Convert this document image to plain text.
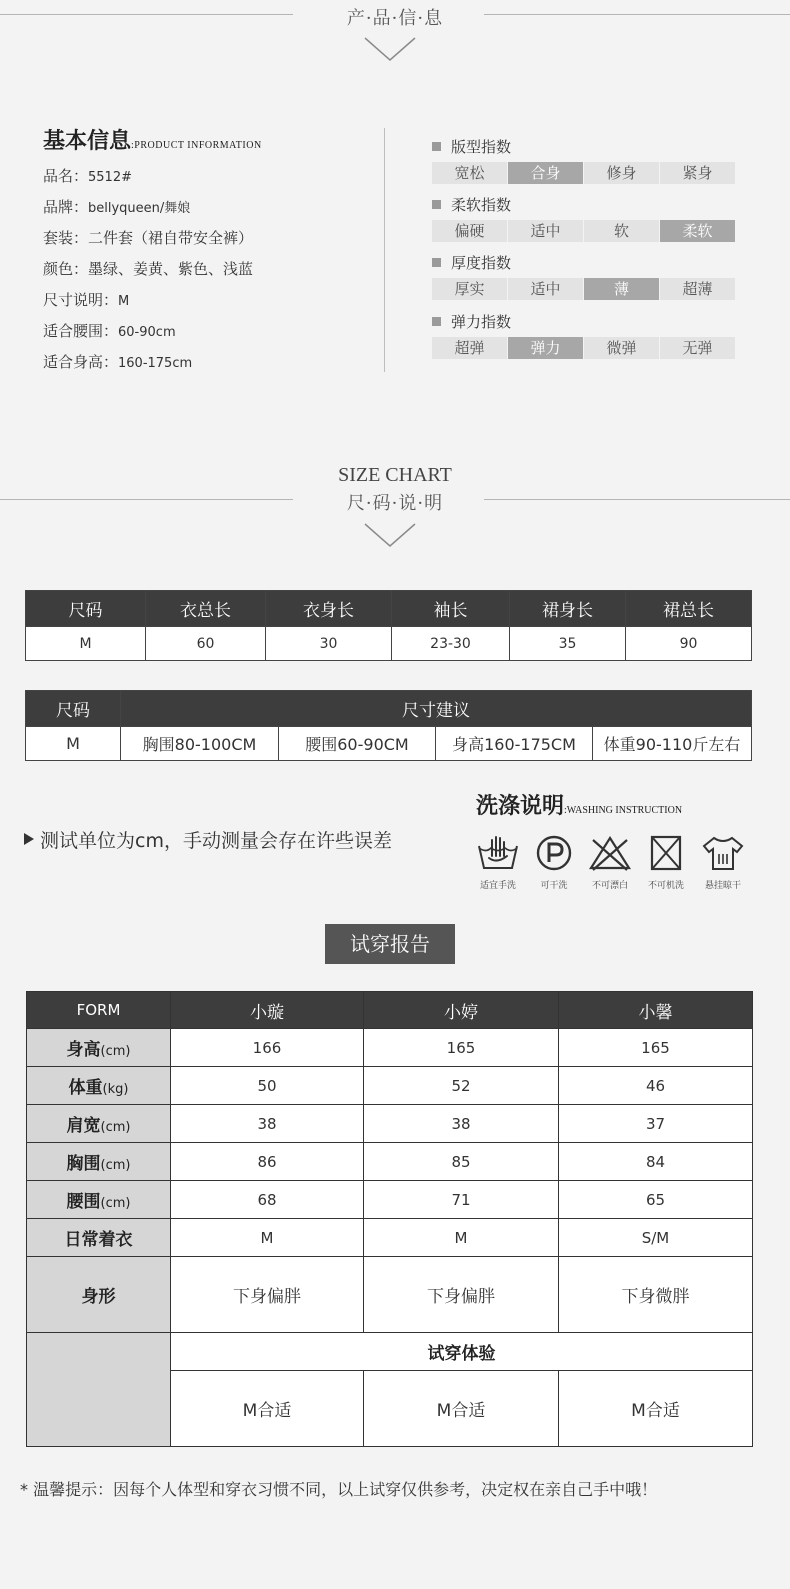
产·品·信·息
基本信息:PRODUCT INFORMATION
品名：5512#
品牌：bellyqueen/舞娘
套装：二件套（裙自带安全裤）
颜色：墨绿、姜黄、紫色、浅蓝
尺寸说明：M
适合腰围：60-90cm
适合身高：160-175cm
版型指数
宽松	合身	修身	紧身
柔软指数
偏硬	适中	软	柔软
厚度指数
厚实	适中	薄	超薄
弹力指数
超弹	弹力	微弹	无弹
SIZE CHART
尺·码·说·明
尺码	衣总长	衣身长	袖长	裙身长	裙总长
M	60	30	23-30	35	90
尺码	尺寸建议			
M	胸围80-100CM	腰围60-90CM	身高160-175CM	体重90-110斤左右
测试单位为cm，手动测量会存在许些误差
洗涤说明:WASHING INSTRUCTION
适宜手洗	可干洗	不可漂白	不可机洗	悬挂晾干
试穿报告
FORM	小璇	小婷	小馨
身高(cm)	166	165	165
体重(kg)	50	52	46
肩宽(cm)	38	38	37
胸围(cm)	86	85	84
腰围(cm)	68	71	65
日常着衣	M	M	S/M
身形	下身偏胖	下身偏胖	下身微胖
	试穿体验		
	M合适	M合适	M合适
* 温馨提示：因每个人体型和穿衣习惯不同，以上试穿仅供参考，决定权在亲自己手中哦！
